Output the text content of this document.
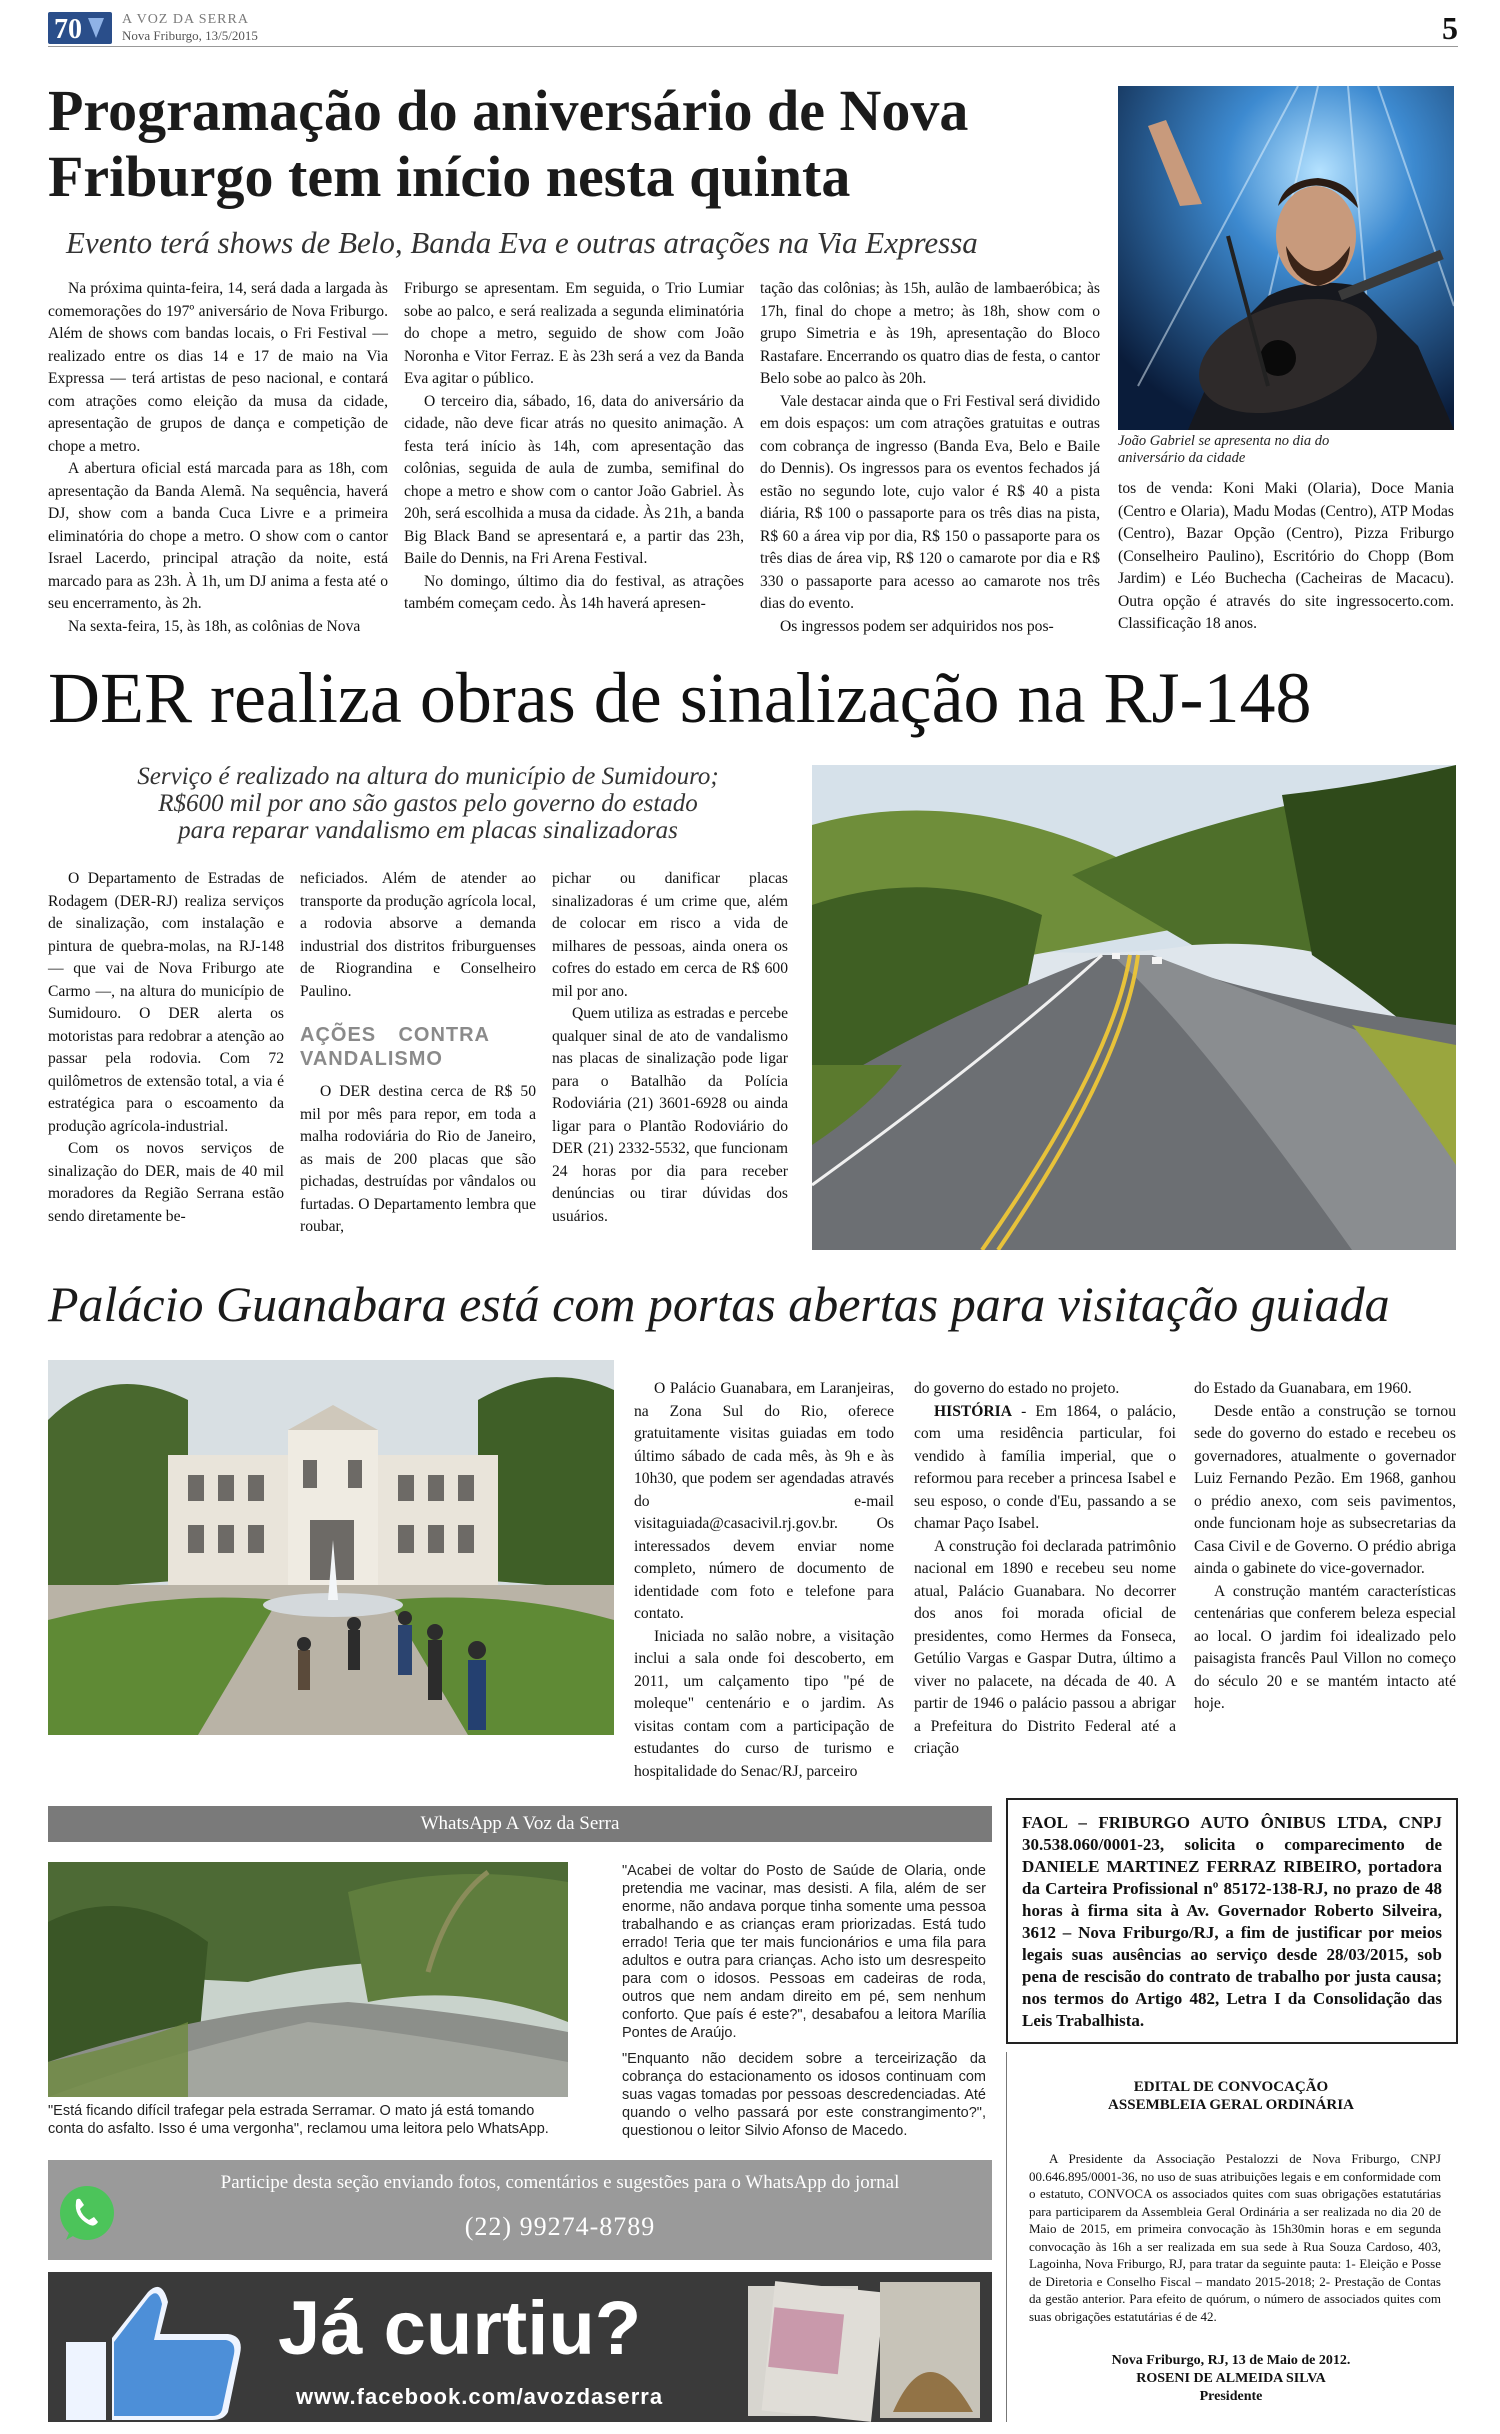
70	A VOZ DA SERRA
Nova Friburgo, 13/5/2015	5
Programação do aniversário de Nova
Friburgo tem início nesta quinta
Evento terá shows de Belo, Banda Eva e outras atrações na Via Expressa

Na próxima quinta-feira, 14, será dada a largada às comemorações do 197º aniversário de Nova Friburgo. Além de shows com bandas locais, o Fri Festival — realizado entre os dias 14 e 17 de maio na Via Expressa — terá artistas de peso nacional, e contará com atrações como eleição da musa da cidade, apresentação de grupos de dança e competição de chope a metro.

A abertura oficial está marcada para as 18h, com apresentação da Banda Alemã. Na sequência, haverá DJ, show com a banda Cuca Livre e a primeira eliminatória do chope a metro. O show com o cantor Israel Lacerdo, principal atração da noite, está marcado para as 23h. À 1h, um DJ anima a festa até o seu encerramento, às 2h.

Na sexta-feira, 15, às 18h, as colônias de Nova

Friburgo se apresentam. Em seguida, o Trio Lumiar sobe ao palco, e será realizada a segunda eliminatória do chope a metro, seguido de show com João Noronha e Vitor Ferraz. E às 23h será a vez da Banda Eva agitar o público.

O terceiro dia, sábado, 16, data do aniversário da cidade, não deve ficar atrás no quesito animação. A festa terá início às 14h, com apresentação das colônias, seguida de aula de zumba, semifinal do chope a metro e show com o cantor João Gabriel. Às 20h, será escolhida a musa da cidade. Às 21h, a banda Big Black Band se apresentará e, a partir das 23h, Baile do Dennis, na Fri Arena Festival.

No domingo, último dia do festival, as atrações também começam cedo. Às 14h haverá apresen-

tação das colônias; às 15h, aulão de lambaeróbica; às 17h, final do chope a metro; às 18h, show com o grupo Simetria e às 19h, apresentação do Bloco Rastafare. Encerrando os quatro dias de festa, o cantor Belo sobe ao palco às 20h.

Vale destacar ainda que o Fri Festival será dividido em dois espaços: um com atrações gratuitas e outras com cobrança de ingresso (Banda Eva, Belo e Baile do Dennis). Os ingressos para os eventos fechados já estão no segundo lote, cujo valor é R$ 40 a pista diária, R$ 100 o passaporte para os três dias na pista, R$ 60 a área vip por dia, R$ 150 o passaporte para os três dias de área vip, R$ 120 o camarote por dia e R$ 330 o passaporte para acesso ao camarote nos três dias do evento.

Os ingressos podem ser adquiridos nos pos-

João Gabriel se apresenta no dia do aniversário da cidade

tos de venda: Koni Maki (Olaria), Doce Mania (Centro e Olaria), Madu Modas (Centro), ATP Modas (Centro), Bazar Opção (Centro), Pizza Friburgo (Conselheiro Paulino), Escritório do Chopp (Bom Jardim) e Léo Buchecha (Cacheiras de Macacu). Outra opção é através do site ingressocerto.com. Classificação 18 anos.

DER realiza obras de sinalização na RJ-148
Serviço é realizado na altura do município de Sumidouro;
R$600 mil por ano são gastos pelo governo do estado
para reparar vandalismo em placas sinalizadoras

O Departamento de Estradas de Rodagem (DER-RJ) realiza serviços de sinalização, com instalação e pintura de quebra-molas, na RJ-148 — que vai de Nova Friburgo ate Carmo —, na altura do município de Sumidouro. O DER alerta os motoristas para redobrar a atenção ao passar pela rodovia. Com 72 quilômetros de extensão total, a via é estratégica para o escoamento da produção agrícola-industrial.

Com os novos serviços de sinalização do DER, mais de 40 mil moradores da Região Serrana estão sendo diretamente be-

neficiados. Além de atender ao transporte da produção agrícola local, a rodovia absorve a demanda industrial dos distritos friburguenses de Riograndina e Conselheiro Paulino.

AÇÕES CONTRA VANDALISMO

O DER destina cerca de R$ 50 mil por mês para repor, em toda a malha rodoviária do Rio de Janeiro, as mais de 200 placas que são pichadas, destruídas por vândalos ou furtadas. O Departamento lembra que roubar,

pichar ou danificar placas sinalizadoras é um crime que, além de colocar em risco a vida de milhares de pessoas, ainda onera os cofres do estado em cerca de R$ 600 mil por ano.

Quem utiliza as estradas e percebe qualquer sinal de ato de vandalismo nas placas de sinalização pode ligar para o Batalhão da Polícia Rodoviária (21) 3601-6928 ou ainda ligar para o Plantão Rodoviário do DER (21) 2332-5532, que funcionam 24 horas por dia para receber denúncias ou tirar dúvidas dos usuários.

Palácio Guanabara está com portas abertas para visitação guiada

O Palácio Guanabara, em Laranjeiras, na Zona Sul do Rio, oferece gratuitamente visitas guiadas em todo último sábado de cada mês, às 9h e às 10h30, que podem ser agendadas através do e-mail visitaguiada@casacivil.rj.gov.br. Os interessados devem enviar nome completo, número de documento de identidade com foto e telefone para contato.

Iniciada no salão nobre, a visitação inclui a sala onde foi descoberto, em 2011, um calçamento tipo "pé de moleque" centenário e o jardim. As visitas contam com a participação de estudantes do curso de turismo e hospitalidade do Senac/RJ, parceiro

do governo do estado no projeto.

HISTÓRIA - Em 1864, o palácio, com uma residência particular, foi vendido à família imperial, que o reformou para receber a princesa Isabel e seu esposo, o conde d'Eu, passando a se chamar Paço Isabel.

A construção foi declarada patrimônio nacional em 1890 e recebeu seu nome atual, Palácio Guanabara. No decorrer dos anos foi morada oficial de presidentes, como Hermes da Fonseca, Getúlio Vargas e Gaspar Dutra, último a viver no palacete, na década de 40. A partir de 1946 o palácio passou a abrigar a Prefeitura do Distrito Federal até a criação

do Estado da Guanabara, em 1960.

Desde então a construção se tornou sede do governo do estado e recebeu os governadores, atualmente o governador Luiz Fernando Pezão. Em 1968, ganhou o prédio anexo, com seis pavimentos, onde funcionam hoje as subsecretarias da Casa Civil e de Governo. O prédio abriga ainda o gabinete do vice-governador.

A construção mantém características centenárias que conferem beleza especial ao local. O jardim foi idealizado pelo paisagista francês Paul Villon no começo do século 20 e se mantém intacto até hoje.

WhatsApp A Voz da Serra
"Está ficando difícil trafegar pela estrada Serramar. O mato já está tomando conta do asfalto. Isso é uma vergonha", reclamou uma leitora pelo WhatsApp.
"Acabei de voltar do Posto de Saúde de Olaria, onde pretendia me vacinar, mas desisti. A fila, além de ser enorme, não andava porque tinha somente uma pessoa trabalhando e as crianças eram priorizadas. Está tudo errado! Teria que ter mais funcionários e uma fila para adultos e outra para crianças. Acho isto um desrespeito para com o idosos. Pessoas em cadeiras de roda, outros que nem andam direito em pé, sem nenhum conforto. Que país é este?", desabafou a leitora Marília Pontes de Araújo.
"Enquanto não decidem sobre a terceirização da cobrança do estacionamento os idosos continuam com suas vagas tomadas por pessoas descredenciadas. Até quando o velho passará por este constrangimento?", questionou o leitor Silvio Afonso de Macedo.
Participe desta seção enviando fotos, comentários e sugestões para o WhatsApp do jornal
(22) 99274-8789
Já curtiu?
www.facebook.com/avozdaserra
FAOL – FRIBURGO AUTO ÔNIBUS LTDA, CNPJ 30.538.060/0001-23, solicita o comparecimento de DANIELE MARTINEZ FERRAZ RIBEIRO, portadora da Carteira Profissional nº 85172-138-RJ, no prazo de 48 horas à firma sita à Av. Governador Roberto Silveira, 3612 – Nova Friburgo/RJ, a fim de justificar por meios legais suas ausências ao serviço desde 28/03/2015, sob pena de rescisão do contrato de trabalho por justa causa; nos termos do Artigo 482, Letra I da Consolidação das Leis Trabalhista.
EDITAL DE CONVOCAÇÃO
ASSEMBLEIA GERAL ORDINÁRIA
A Presidente da Associação Pestalozzi de Nova Friburgo, CNPJ 00.646.895/0001-36, no uso de suas atribuições legais e em conformidade com o estatuto, CONVOCA os associados quites com suas obrigações estatutárias para participarem da Assembleia Geral Ordinária a ser realizada no dia 20 de Maio de 2015, em primeira convocação às 15h30min horas e em segunda convocação às 16h a ser realizada em sua sede à Rua Souza Cardoso, 403, Lagoinha, Nova Friburgo, RJ, para tratar da seguinte pauta: 1- Eleição e Posse de Diretoria e Conselho Fiscal – mandato 2015-2018; 2- Prestação de Contas da gestão anterior. Para efeito de quórum, o número de associados quites com suas obrigações estatutárias é de 42.
Nova Friburgo, RJ, 13 de Maio de 2012.
ROSENI DE ALMEIDA SILVA
Presidente
